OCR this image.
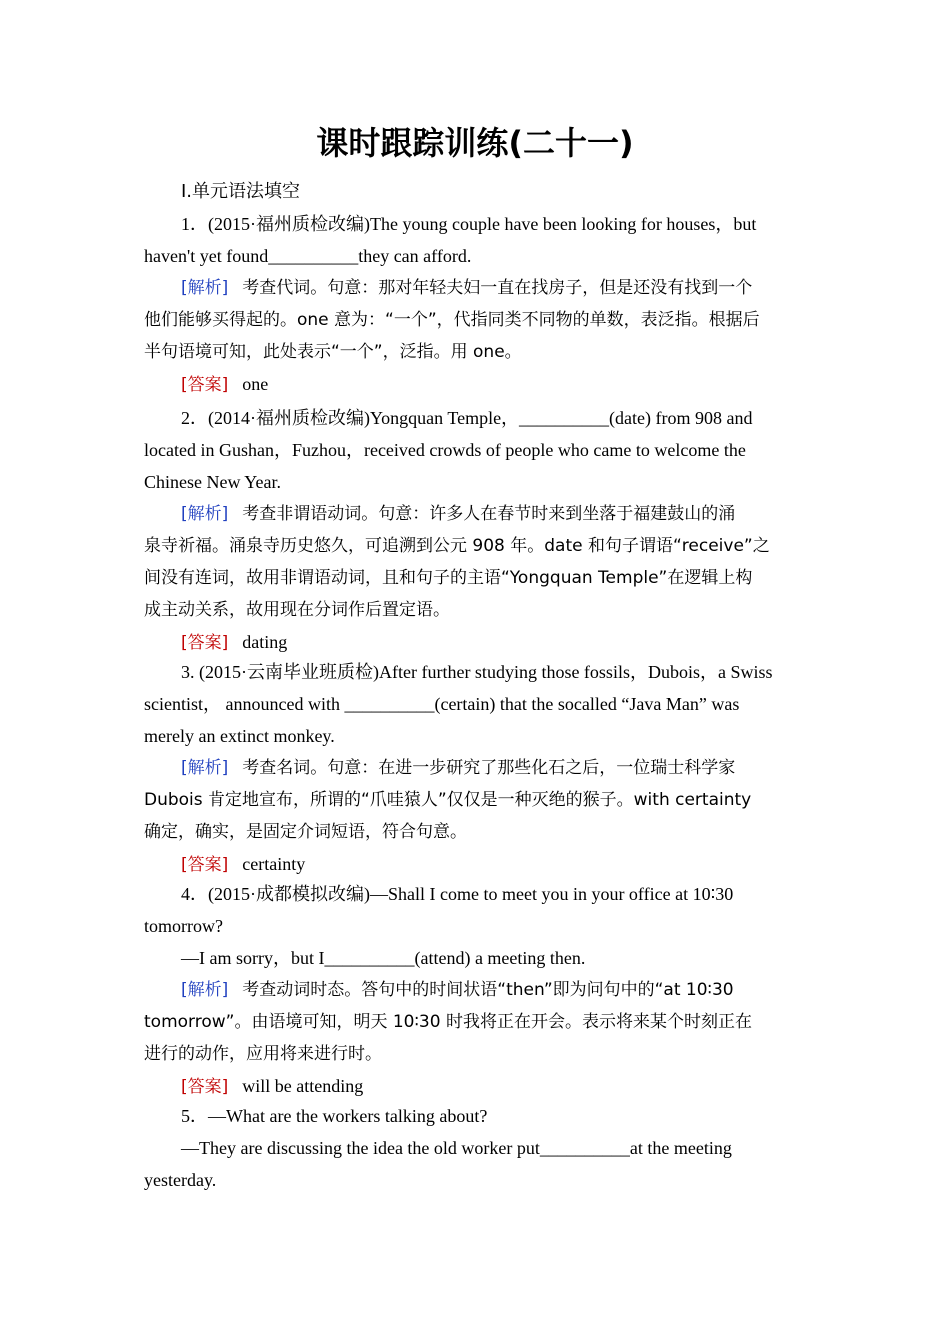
课时跟踪训练(二十一)
Ⅰ.单元语法填空

1．(2015·福州质检改编)The young couple have been looking for houses，but

haven't yet found__________they can afford.

[解析] 考查代词。句意：那对年轻夫妇一直在找房子，但是还没有找到一个

他们能够买得起的。one 意为：“一个”，代指同类不同物的单数，表泛指。根据后

半句语境可知，此处表示“一个”，泛指。用 one。

[答案] one

2．(2014·福州质检改编)Yongquan Temple，__________(date) from 908 and

located in Gushan，Fuzhou，received crowds of people who came to welcome the

Chinese New Year.

[解析] 考查非谓语动词。句意：许多人在春节时来到坐落于福建鼓山的涌

泉寺祈福。涌泉寺历史悠久，可追溯到公元 908 年。date 和句子谓语“receive”之

间没有连词，故用非谓语动词，且和句子的主语“Yongquan Temple”在逻辑上构

成主动关系，故用现在分词作后置定语。

[答案] dating

3. (2015·云南毕业班质检)After further studying those fossils，Dubois，a Swiss

scientist， announced with __________(certain) that the socalled “Java Man” was

merely an extinct monkey.

[解析] 考查名词。句意：在进一步研究了那些化石之后，一位瑞士科学家

Dubois 肯定地宣布，所谓的“爪哇猿人”仅仅是一种灭绝的猴子。with certainty

确定，确实，是固定介词短语，符合句意。

[答案] certainty

4．(2015·成都模拟改编)—Shall I come to meet you in your office at 10∶30

tomorrow?

—I am sorry，but I__________(attend) a meeting then.

[解析] 考查动词时态。答句中的时间状语“then”即为问句中的“at 10∶30

tomorrow”。由语境可知，明天 10∶30 时我将正在开会。表示将来某个时刻正在

进行的动作，应用将来进行时。

[答案] will be attending

5．—What are the workers talking about?

—They are discussing the idea the old worker put__________at the meeting

yesterday.
